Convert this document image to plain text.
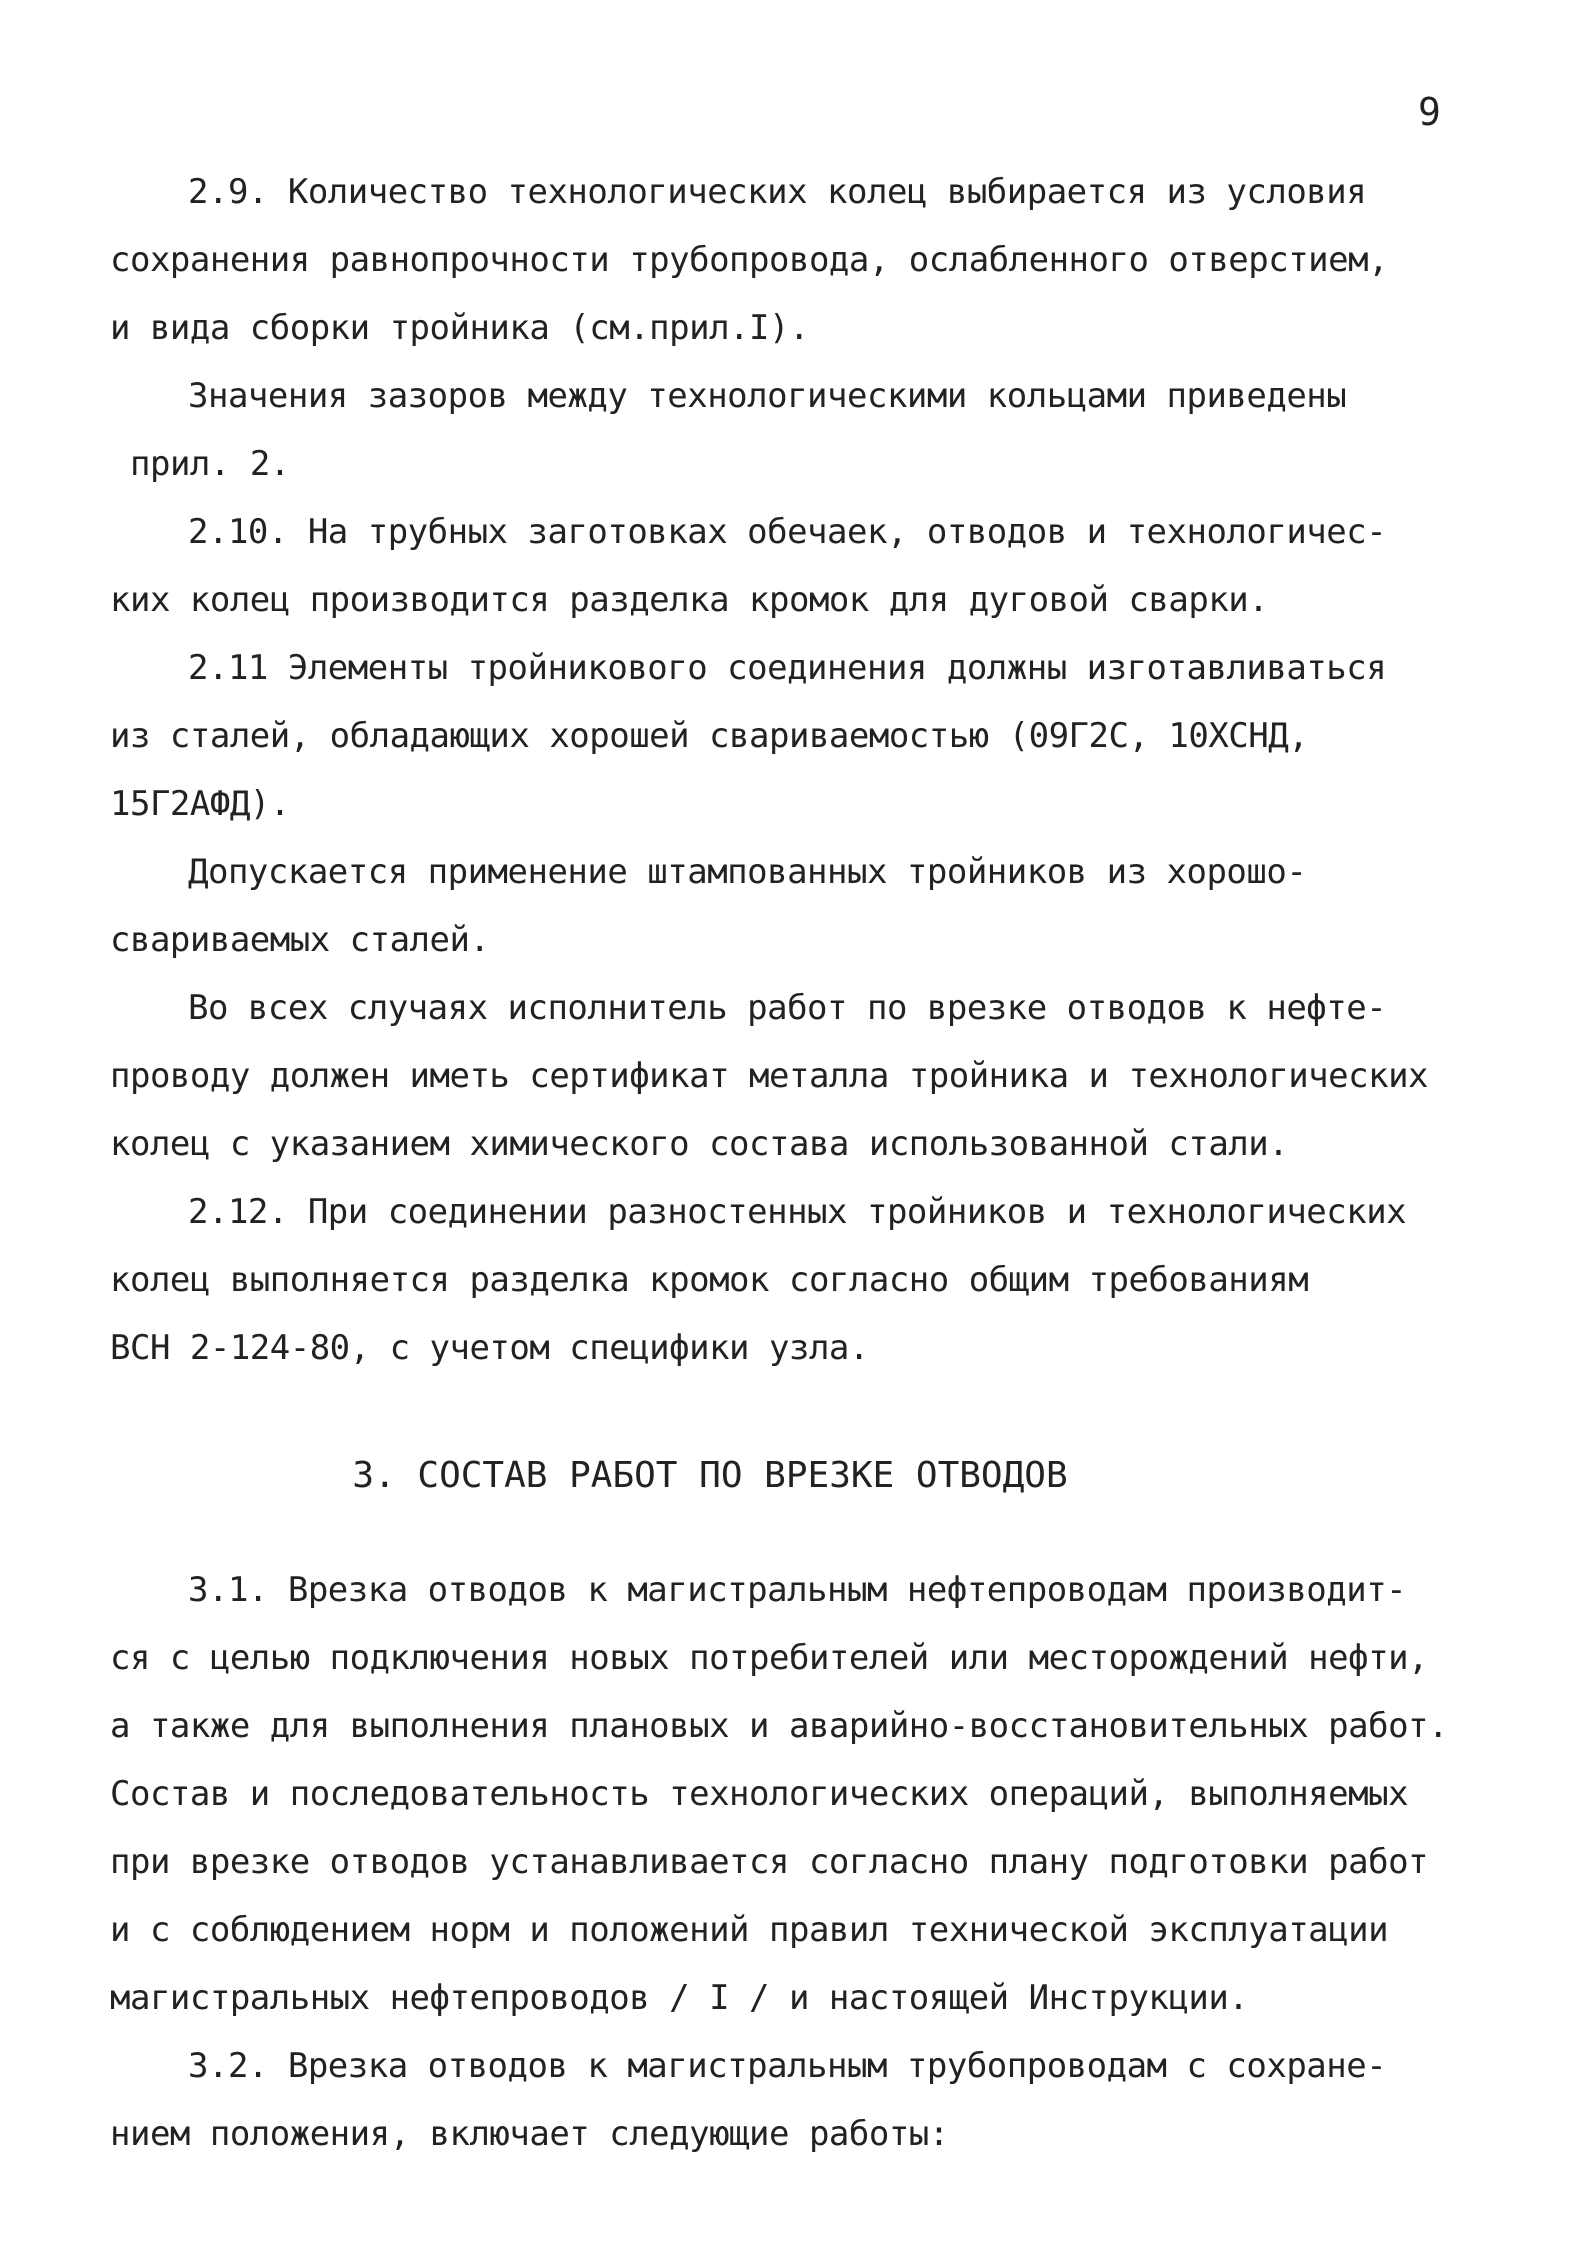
9
2.9. Количество технологических колец выбирается из условия
сохранения равнопрочности трубопровода, ослабленного отверстием,
и вида сборки тройника (см.прил.I).
Значения зазоров между технологическими кольцами приведены
прил. 2.
2.10. На трубных заготовках обечаек, отводов и технологичес-
ких колец производится разделка кромок для дуговой сварки.
2.11 Элементы тройникового соединения должны изготавливаться
из сталей, обладающих хорошей свариваемостью (09Г2С, 10ХСНД,
15Г2АФД).
Допускается применение штампованных тройников из хорошо-
свариваемых сталей.
Во всех случаях исполнитель работ по врезке отводов к нефте-
проводу должен иметь сертификат металла тройника и технологических
колец с указанием химического состава использованной стали.
2.12. При соединении разностенных тройников и технологических
колец выполняется разделка кромок согласно общим требованиям
ВСН 2-124-80, с учетом специфики узла.
3. СОСТАВ РАБОТ ПО ВРЕЗКЕ ОТВОДОВ
3.1. Врезка отводов к магистральным нефтепроводам производит-
ся с целью подключения новых потребителей или месторождений нефти,
а также для выполнения плановых и аварийно-восстановительных работ.
Состав и последовательность технологических операций, выполняемых
при врезке отводов устанавливается согласно плану подготовки работ
и с соблюдением норм и положений правил технической эксплуатации
магистральных нефтепроводов / I / и настоящей Инструкции.
3.2. Врезка отводов к магистральным трубопроводам с сохране-
нием положения, включает следующие работы:
